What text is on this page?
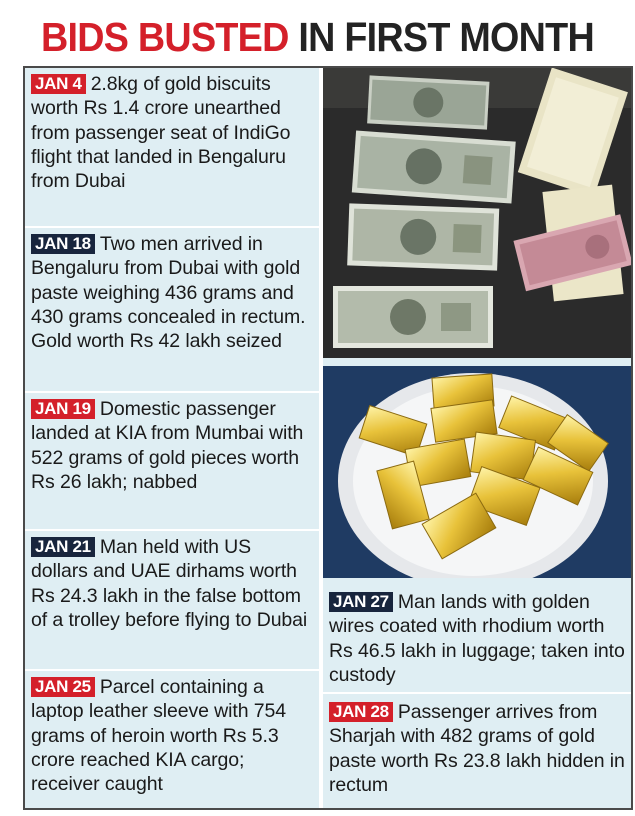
BIDS BUSTED IN FIRST MONTH

JAN 4 2.8kg of gold biscuits worth Rs 1.4 crore unearthed from passenger seat of IndiGo flight that landed in Bengaluru from Dubai

JAN 18 Two men arrived in Bengaluru from Dubai with gold paste weighing 436 grams and 430 grams concealed in rectum. Gold worth Rs 42 lakh seized

JAN 19 Domestic passenger landed at KIA from Mumbai with 522 grams of gold pieces worth Rs 26 lakh; nabbed

JAN 21 Man held with US dollars and UAE dirhams worth Rs 24.3 lakh in the false bottom of a trolley before flying to Dubai

JAN 25 Parcel containing a laptop leather sleeve with 754 grams of heroin worth Rs 5.3 crore reached KIA cargo; receiver caught

JAN 27 Man lands with golden wires coated with rhodium worth Rs 46.5 lakh in luggage; taken into custody

JAN 28 Passenger arrives from Sharjah with 482 grams of gold paste worth Rs 23.8 lakh hidden in rectum
